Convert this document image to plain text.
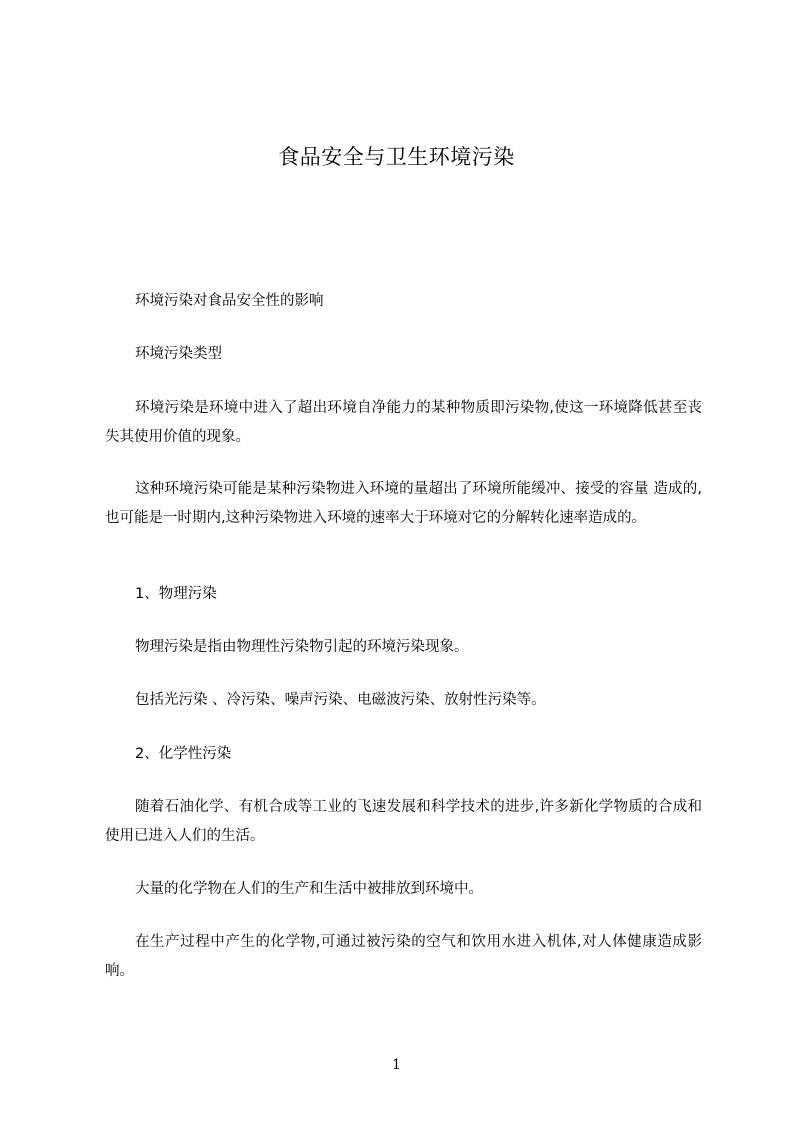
食品安全与卫生环境污染

环境污染对食品安全性的影响

环境污染类型

环境污染是环境中进入了超出环境自净能力的某种物质即污染物,使这一环境降低甚至丧失其使用价值的现象。

这种环境污染可能是某种污染物进入环境的量超出了环境所能缓冲、接受的容量 造成的,也可能是一时期内,这种污染物进入环境的速率大于环境对它的分解转化速率造成的。

1、物理污染

物理污染是指由物理性污染物引起的环境污染现象。

包括光污染 、冷污染、噪声污染、电磁波污染、放射性污染等。

2、化学性污染

随着石油化学、有机合成等工业的飞速发展和科学技术的进步,许多新化学物质的合成和使用已进入人们的生活。

大量的化学物在人们的生产和生活中被排放到环境中。

在生产过程中产生的化学物,可通过被污染的空气和饮用水进入机体,对人体健康造成影响。

1
